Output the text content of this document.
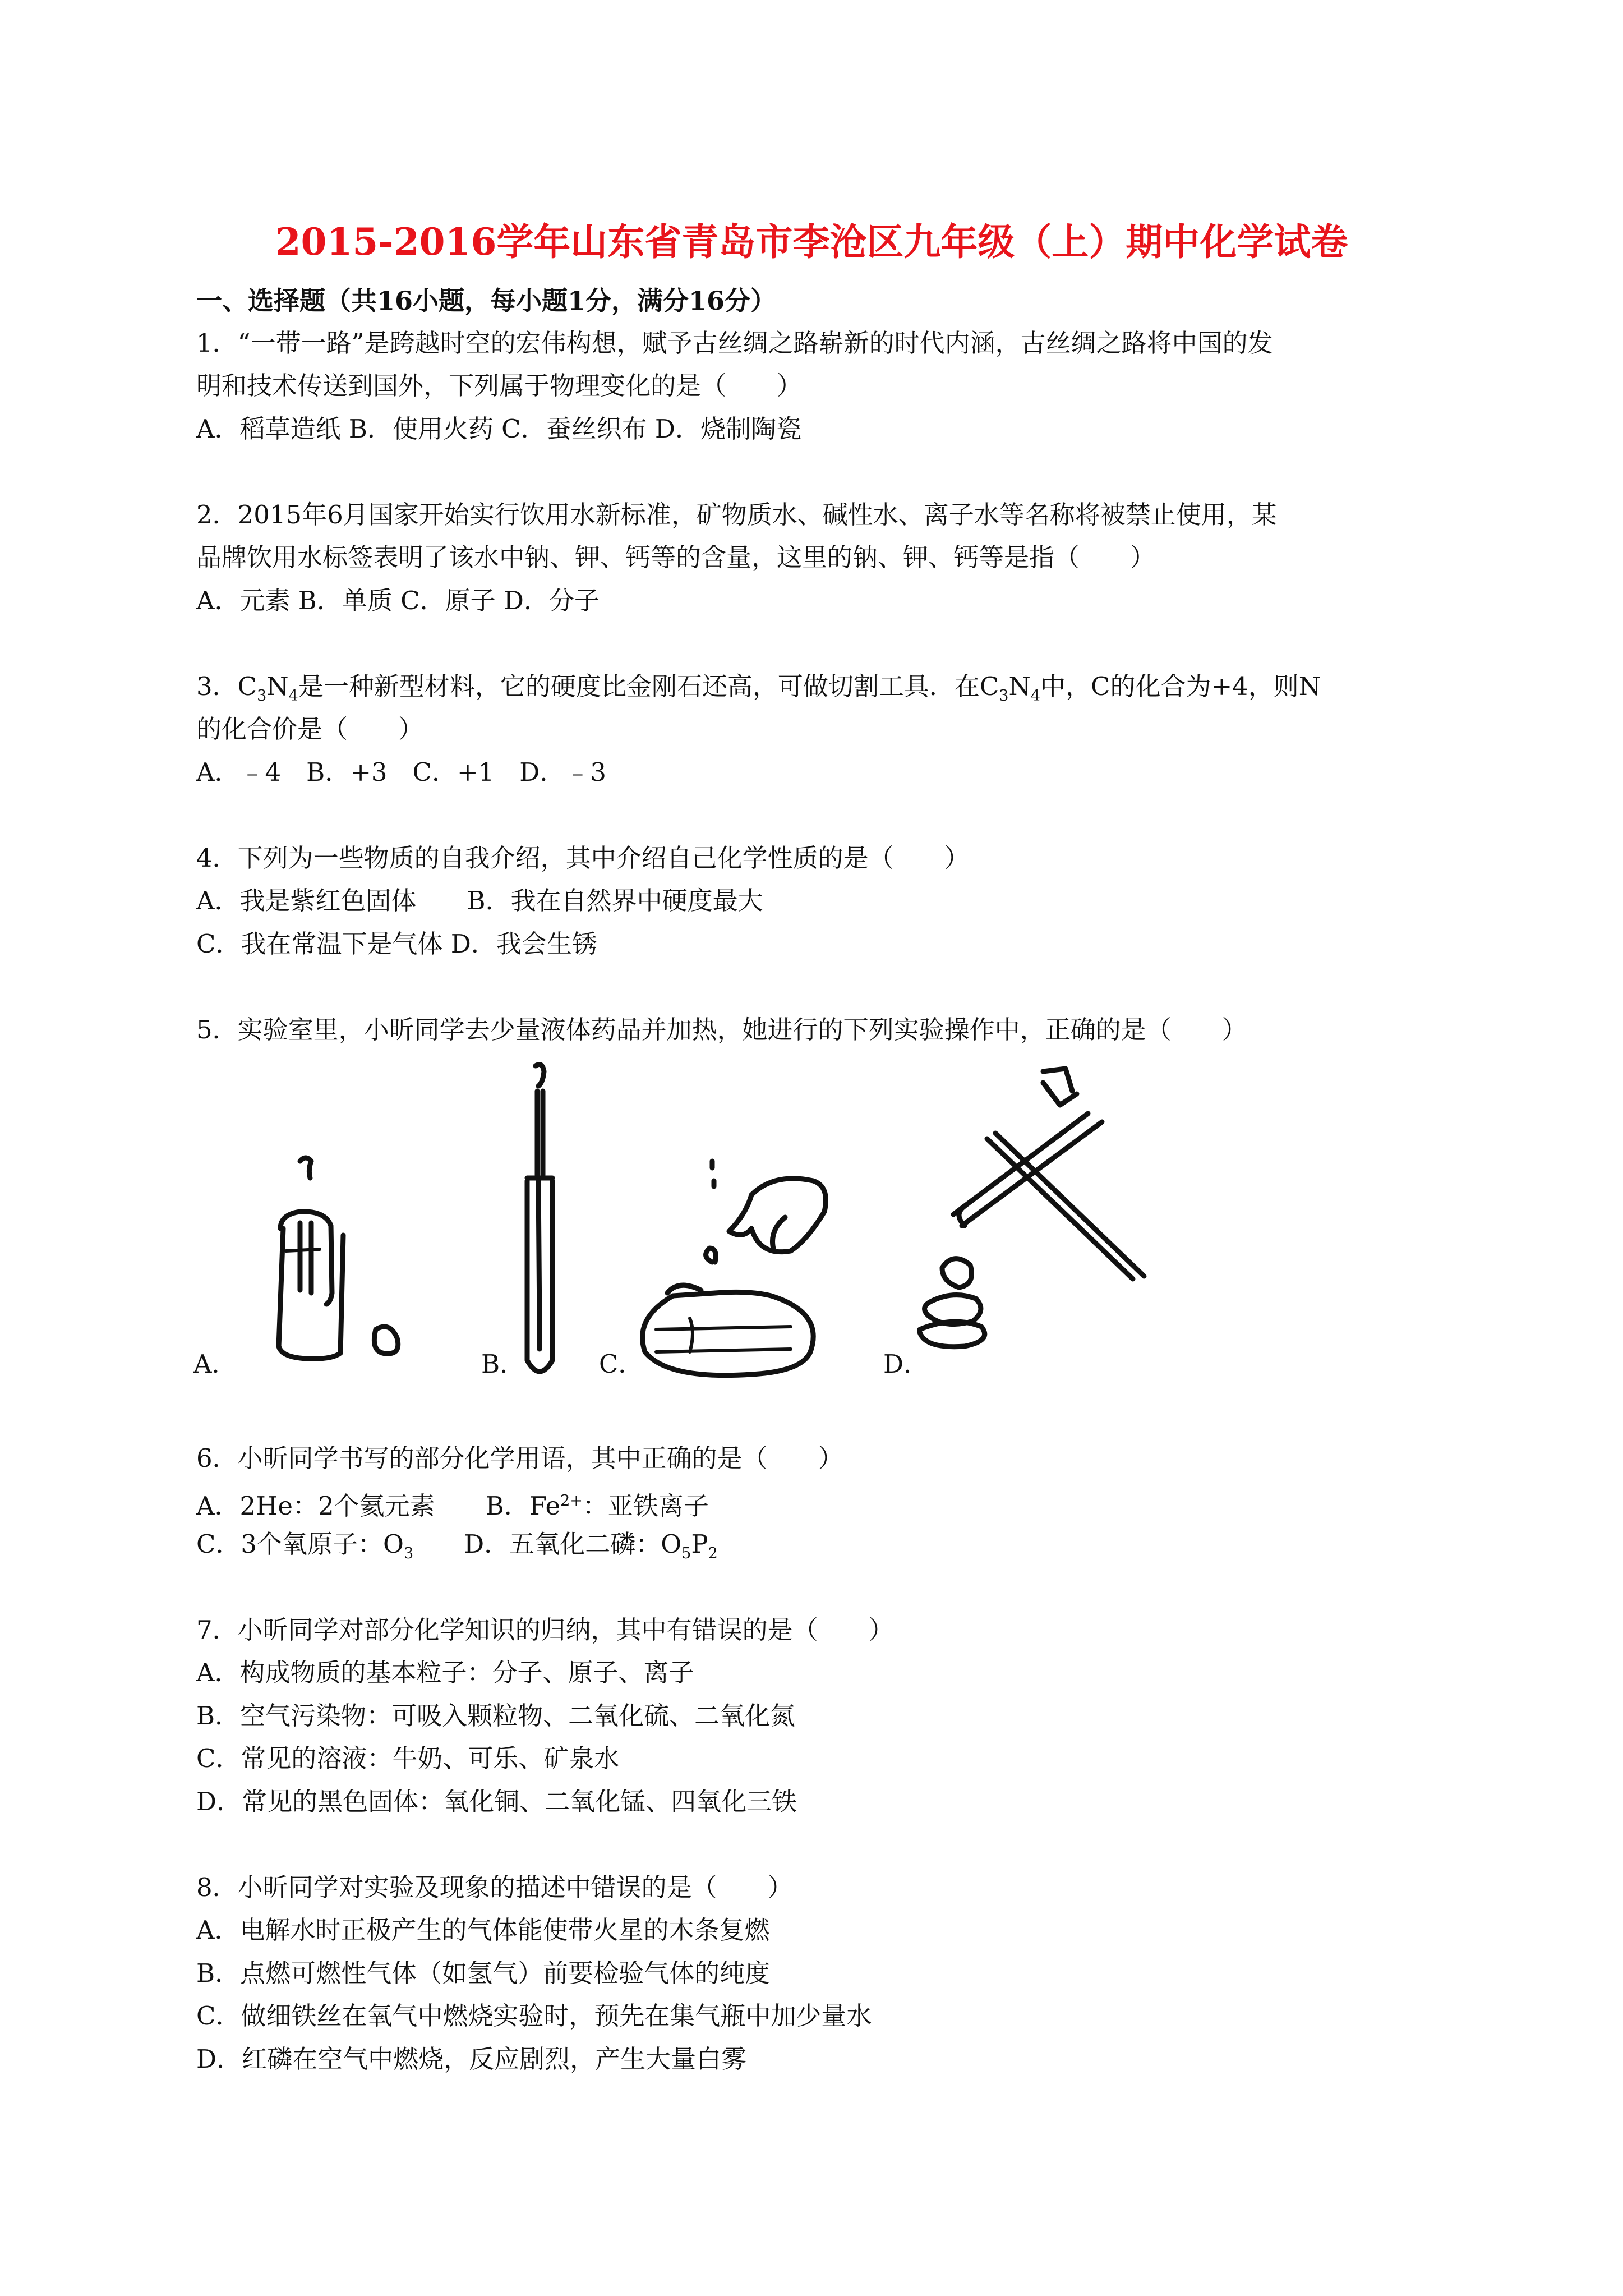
2015-2016学年山东省青岛市李沧区九年级（上）期中化学试卷
一、选择题（共16小题，每小题1分，满分16分）
1．“一带一路”是跨越时空的宏伟构想，赋予古丝绸之路崭新的时代内涵，古丝绸之路将中国的发
明和技术传送到国外，下列属于物理变化的是（　　）
A．稻草造纸 B．使用火药 C．蚕丝织布 D．烧制陶瓷
2．2015年6月国家开始实行饮用水新标准，矿物质水、碱性水、离子水等名称将被禁止使用，某
品牌饮用水标签表明了该水中钠、钾、钙等的含量，这里的钠、钾、钙等是指（　　）
A．元素 B．单质 C．原子 D．分子
3．$C_3N_4$是一种新型材料，它的硬度比金刚石还高，可做切割工具．在$C_3N_4$中，C的化合为+4，则N
的化合价是（　　）
A．﹣4　B．+3　C．+1　D．﹣3
4．下列为一些物质的自我介绍，其中介绍自己化学性质的是（　　）
A．我是紫红色固体　　B．我在自然界中硬度最大
C．我在常温下是气体 D．我会生锈
5．实验室里，小昕同学去少量液体药品并加热，她进行的下列实验操作中，正确的是（　　）
A．	B．	C．	D．
6．小昕同学书写的部分化学用语，其中正确的是（　　）
A．2He：2个氦元素　　B．$Fe^{2+}$：亚铁离子
C．3个氧原子：$O_3$　　D．五氧化二磷：$O_5P_2$
7．小昕同学对部分化学知识的归纳，其中有错误的是（　　）
A．构成物质的基本粒子：分子、原子、离子
B．空气污染物：可吸入颗粒物、二氧化硫、二氧化氮
C．常见的溶液：牛奶、可乐、矿泉水
D．常见的黑色固体：氧化铜、二氧化锰、四氧化三铁
8．小昕同学对实验及现象的描述中错误的是（　　）
A．电解水时正极产生的气体能使带火星的木条复燃
B．点燃可燃性气体（如氢气）前要检验气体的纯度
C．做细铁丝在氧气中燃烧实验时，预先在集气瓶中加少量水
D．红磷在空气中燃烧，反应剧烈，产生大量白雾
